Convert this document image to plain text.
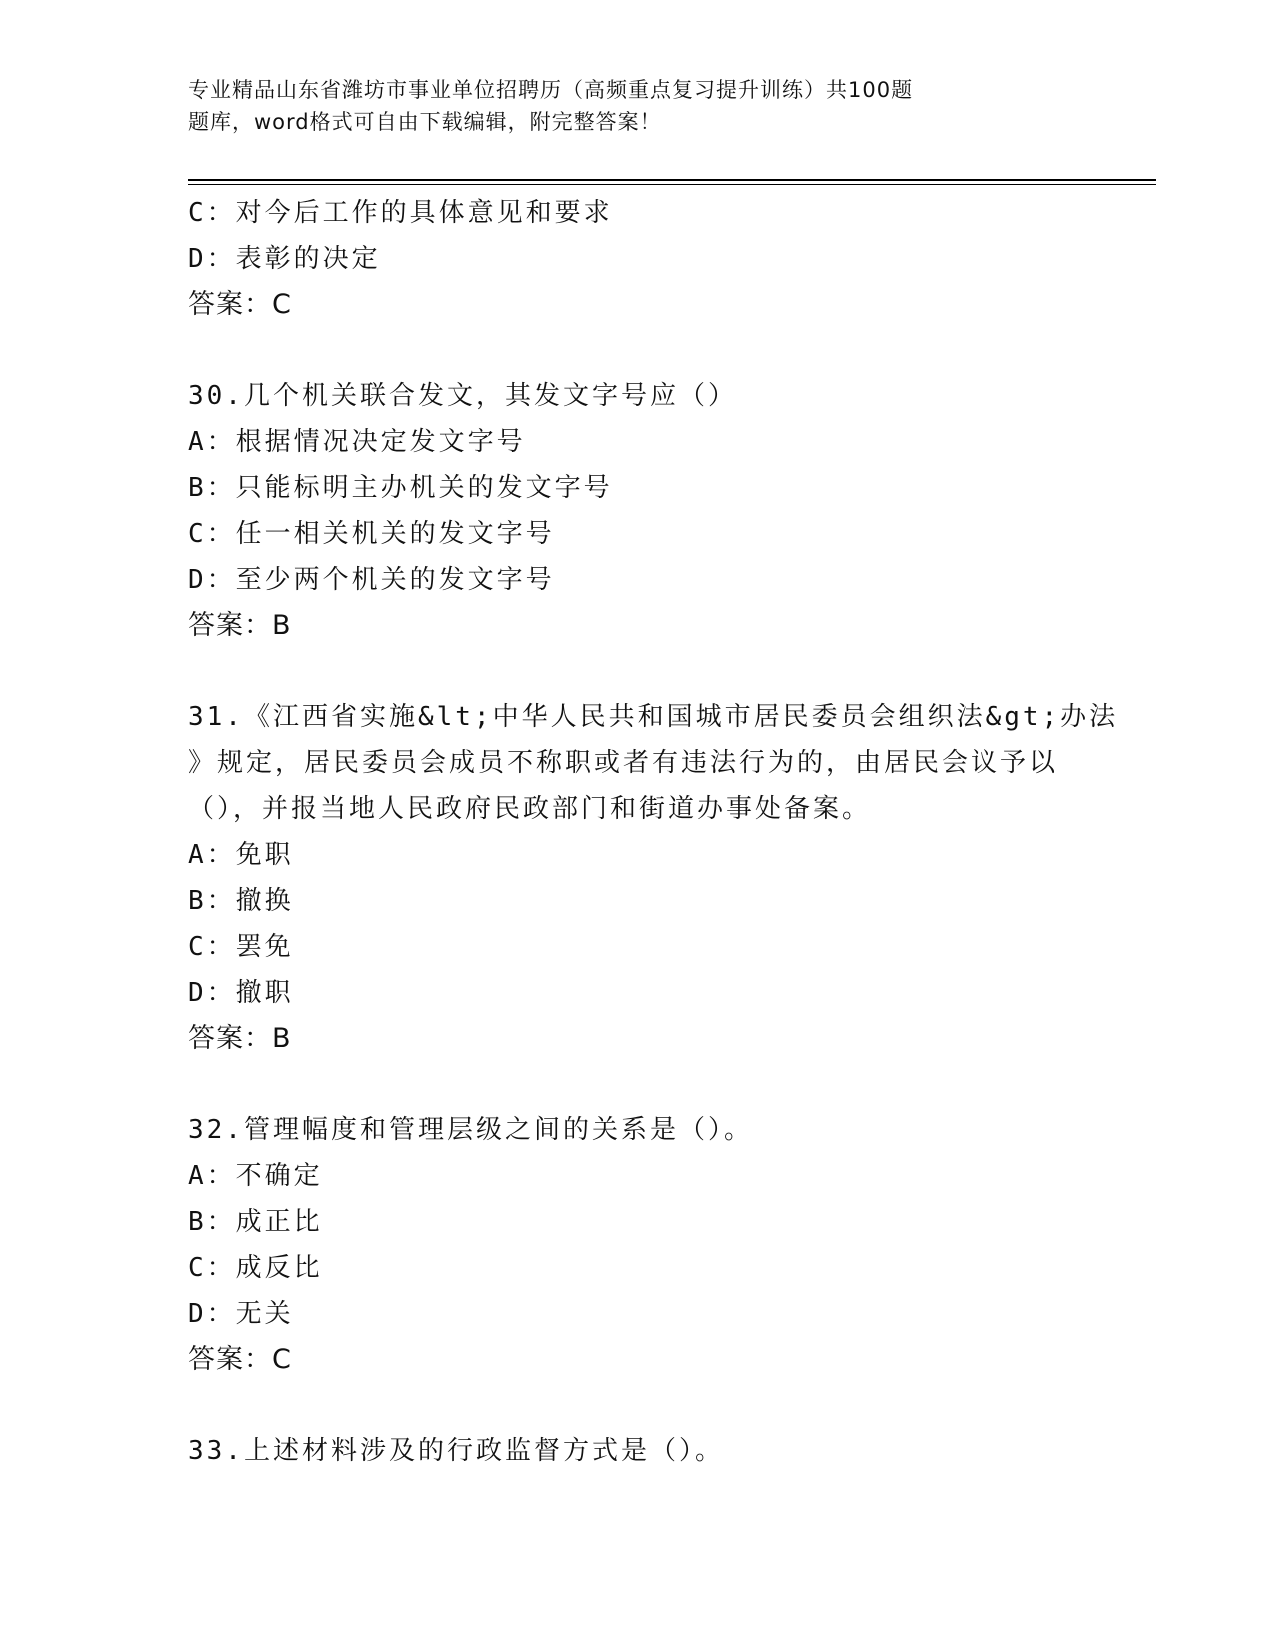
专业精品山东省潍坊市事业单位招聘历（高频重点复习提升训练）共100题
题库，word格式可自由下载编辑，附完整答案！
C：对今后工作的具体意见和要求
D：表彰的决定
答案：C
30.几个机关联合发文，其发文字号应（）
A：根据情况决定发文字号
B：只能标明主办机关的发文字号
C：任一相关机关的发文字号
D：至少两个机关的发文字号
答案：B
31.《江西省实施&lt;中华人民共和国城市居民委员会组织法&gt;办法
》规定，居民委员会成员不称职或者有违法行为的，由居民会议予以
（），并报当地人民政府民政部门和街道办事处备案。
A：免职
B：撤换
C：罢免
D：撤职
答案：B
32.管理幅度和管理层级之间的关系是（）。
A：不确定
B：成正比
C：成反比
D：无关
答案：C
33.上述材料涉及的行政监督方式是（）。
